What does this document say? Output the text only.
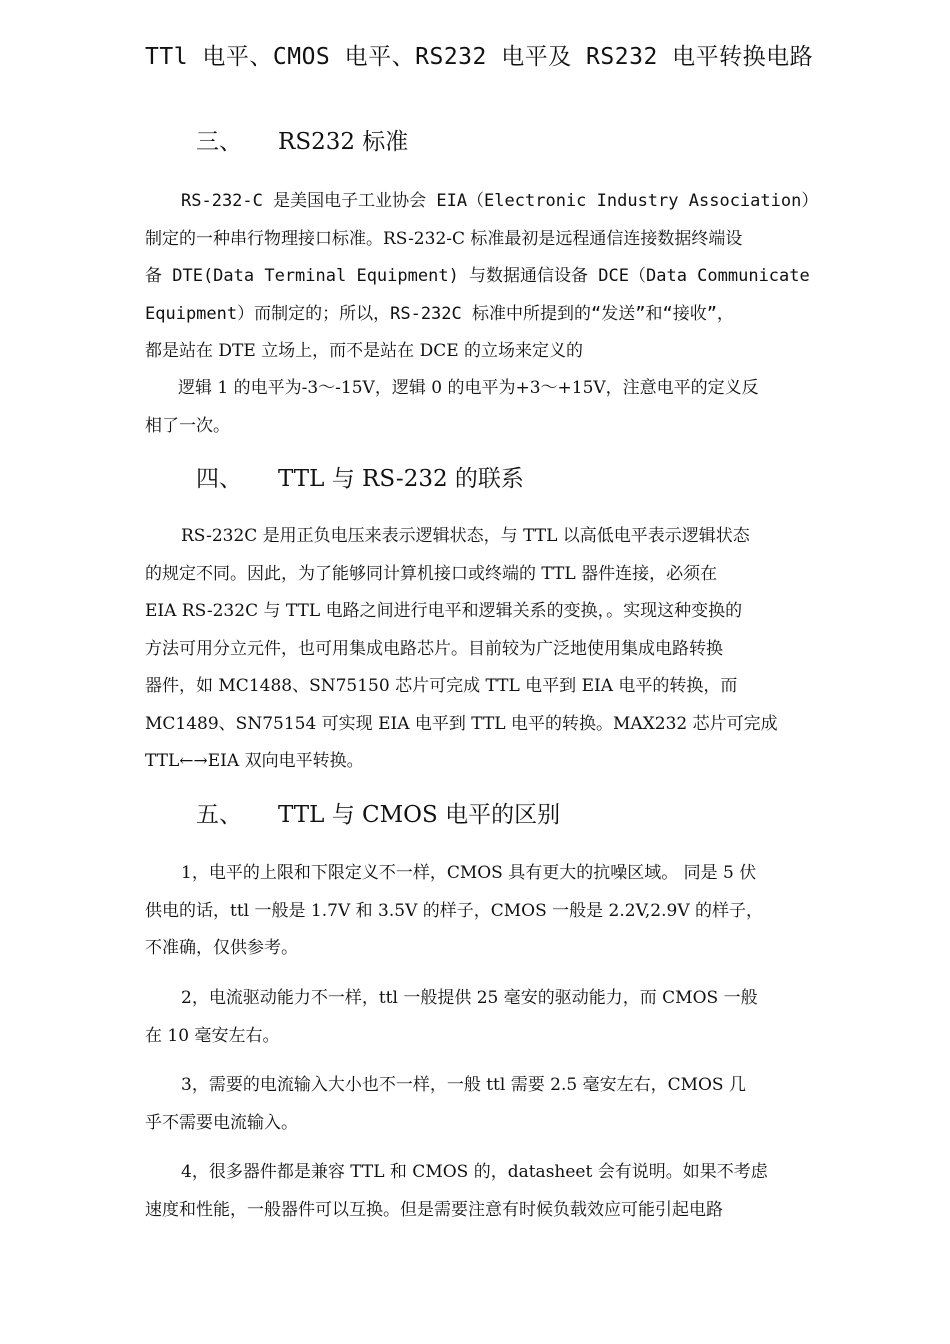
TTl 电平、CMOS 电平、RS232 电平及 RS232 电平转换电路
三、 RS232 标准
RS-232-C 是美国电子工业协会 EIA（Electronic Industry Association）
制定的一种串行物理接口标准。RS-232-C 标准最初是远程通信连接数据终端设
备 DTE(Data Terminal Equipment) 与数据通信设备 DCE（Data Communicate
Equipment）而制定的；所以，RS-232C 标准中所提到的“发送”和“接收”，
都是站在 DTE 立场上，而不是站在 DCE 的立场来定义的
逻辑 1 的电平为-3～-15V，逻辑 0 的电平为+3～+15V，注意电平的定义反
相了一次。
四、 TTL 与 RS-232 的联系
RS-232C 是用正负电压来表示逻辑状态，与 TTL 以高低电平表示逻辑状态
的规定不同。因此，为了能够同计算机接口或终端的 TTL 器件连接，必须在
EIA RS-232C 与 TTL 电路之间进行电平和逻辑关系的变换，。实现这种变换的
方法可用分立元件，也可用集成电路芯片。目前较为广泛地使用集成电路转换
器件，如 MC1488、SN75150 芯片可完成 TTL 电平到 EIA 电平的转换，而
MC1489、SN75154 可实现 EIA 电平到 TTL 电平的转换。MAX232 芯片可完成
TTL←→EIA 双向电平转换。
五、 TTL 与 CMOS 电平的区别
1，电平的上限和下限定义不一样，CMOS 具有更大的抗噪区域。 同是 5 伏
供电的话，ttl 一般是 1.7V 和 3.5V 的样子，CMOS 一般是 2.2V,2.9V 的样子，
不准确，仅供参考。
2，电流驱动能力不一样，ttl 一般提供 25 毫安的驱动能力，而 CMOS 一般
在 10 毫安左右。
3，需要的电流输入大小也不一样，一般 ttl 需要 2.5 毫安左右，CMOS 几
乎不需要电流输入。
4，很多器件都是兼容 TTL 和 CMOS 的，datasheet 会有说明。如果不考虑
速度和性能，一般器件可以互换。但是需要注意有时候负载效应可能引起电路
